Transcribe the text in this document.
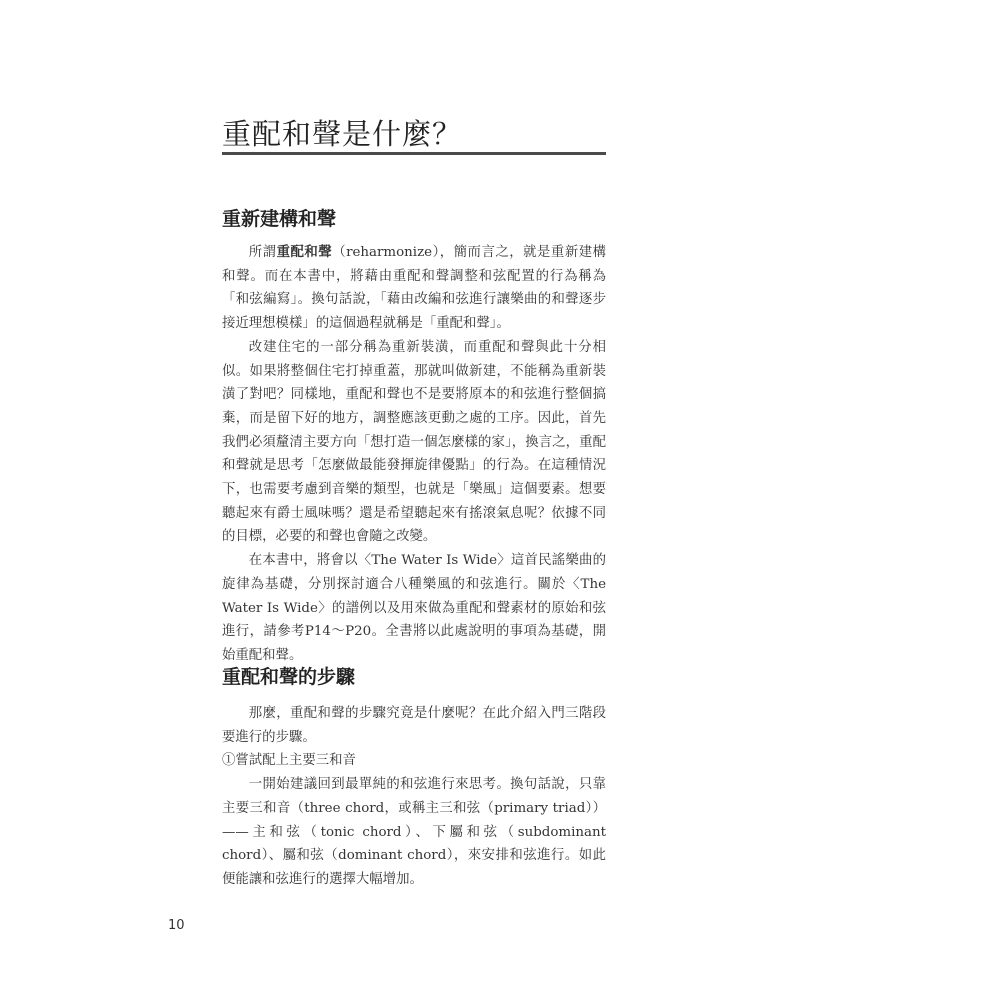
重配和聲是什麼？
重新建構和聲

所謂重配和聲（reharmonize），簡而言之，就是重新建構和聲。而在本書中，將藉由重配和聲調整和弦配置的行為稱為「和弦編寫」。換句話說，「藉由改編和弦進行讓樂曲的和聲逐步接近理想模樣」的這個過程就稱是「重配和聲」。

改建住宅的一部分稱為重新裝潢，而重配和聲與此十分相似。如果將整個住宅打掉重蓋，那就叫做新建，不能稱為重新裝潢了對吧？同樣地，重配和聲也不是要將原本的和弦進行整個搞棄，而是留下好的地方，調整應該更動之處的工序。因此，首先我們必須釐清主要方向「想打造一個怎麼樣的家」，換言之，重配和聲就是思考「怎麼做最能發揮旋律優點」的行為。在這種情況下，也需要考慮到音樂的類型，也就是「樂風」這個要素。想要聽起來有爵士風味嗎？還是希望聽起來有搖滾氣息呢？依據不同的目標，必要的和聲也會隨之改變。

在本書中，將會以〈The Water Is Wide〉這首民謠樂曲的旋律為基礎，分別探討適合八種樂風的和弦進行。關於〈The Water Is Wide〉的譜例以及用來做為重配和聲素材的原始和弦進行，請參考P14～P20。全書將以此處說明的事項為基礎，開始重配和聲。

重配和聲的步驟

那麼，重配和聲的步驟究竟是什麼呢？在此介紹入門三階段要進行的步驟。

①嘗試配上主要三和音

一開始建議回到最單純的和弦進行來思考。換句話說，只靠主要三和音（three chord，或稱主三和弦（primary triad））——主和弦（tonic chord）、下屬和弦（subdominant chord）、屬和弦（dominant chord），來安排和弦進行。如此便能讓和弦進行的選擇大幅增加。

10
